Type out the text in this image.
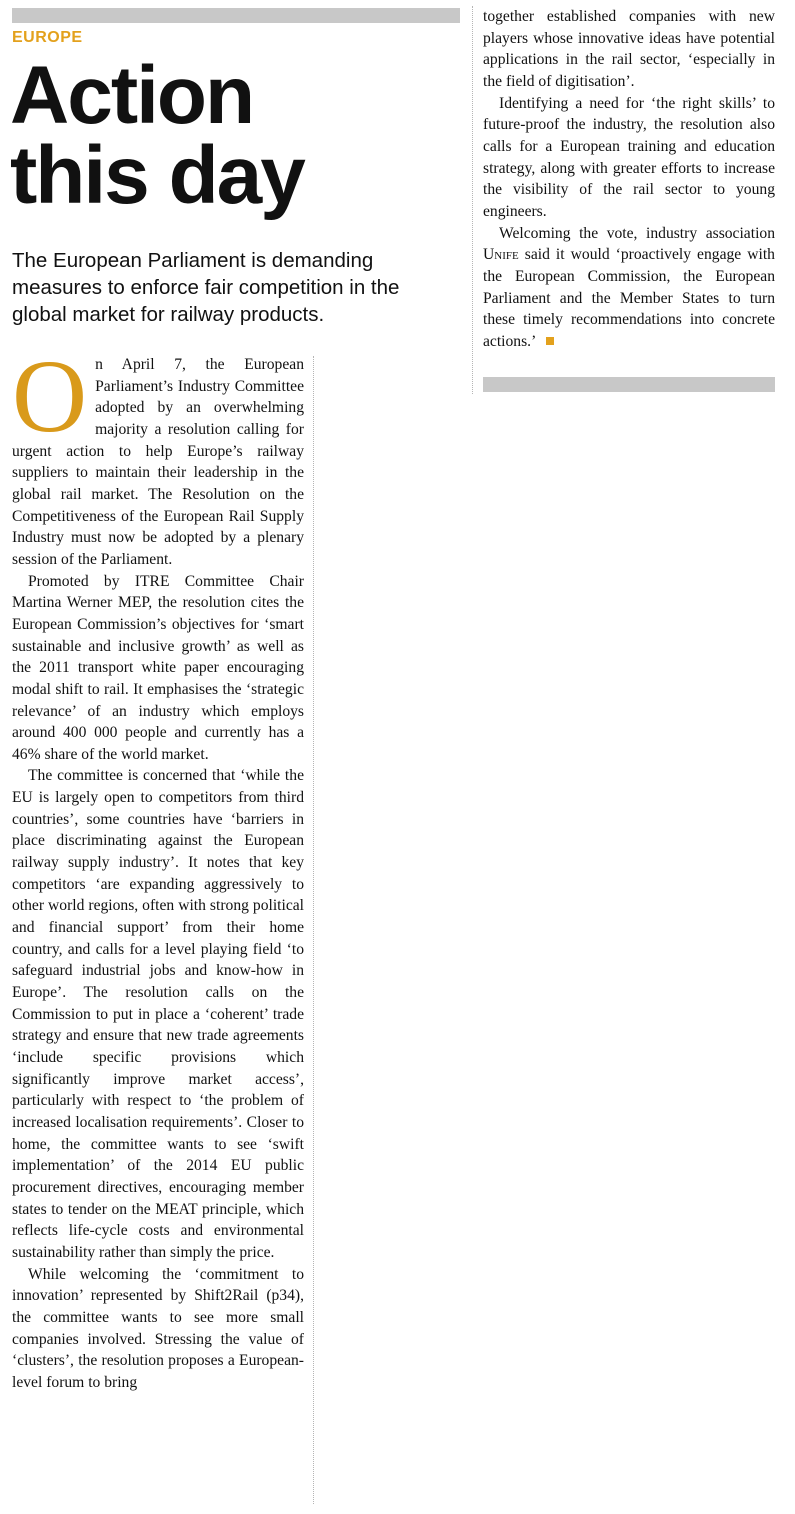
EUROPE
Action
this day

The European Parliament is demanding measures to enforce fair competition in the global market for railway products.

On April 7, the European Parliament’s Industry Committee adopted by an overwhelming majority a resolution calling for urgent action to help Europe’s railway suppliers to maintain their leadership in the global rail market. The Resolution on the Competitiveness of the European Rail Supply Industry must now be adopted by a plenary session of the Parliament.

Promoted by ITRE Committee Chair Martina Werner MEP, the resolution cites the European Commission’s objectives for ‘smart sustainable and inclusive growth’ as well as the 2011 transport white paper encouraging modal shift to rail. It emphasises the ‘strategic relevance’ of an industry which employs around 400 000 people and currently has a 46% share of the world market.

The committee is concerned that ‘while the EU is largely open to competitors from third countries’, some countries have ‘barriers in place discriminating against the European railway supply industry’. It notes that key competitors ‘are expanding aggressively to other world regions, often with strong political and financial support’ from their home country, and calls for a level playing field ‘to safeguard industrial jobs and know-how in Europe’. The resolution calls on the Commission to put in place a ‘coherent’ trade strategy and ensure that new trade agreements ‘include specific provisions which significantly improve market access’, particularly with respect to ‘the problem of increased localisation requirements’. Closer to home, the committee wants to see ‘swift implementation’ of the 2014 EU public procurement directives, encouraging member states to tender on the MEAT principle, which reflects life-cycle costs and environmental sustainability rather than simply the price.

While welcoming the ‘commitment to innovation’ represented by Shift2Rail (p34), the committee wants to see more small companies involved. Stressing the value of ‘clusters’, the resolution proposes a European-level forum to bring

together established companies with new players whose innovative ideas have potential applications in the rail sector, ‘especially in the field of digitisation’.

Identifying a need for ‘the right skills’ to future-proof the industry, the resolution also calls for a European training and education strategy, along with greater efforts to increase the visibility of the rail sector to young engineers.

Welcoming the vote, industry association Unife said it would ‘proactively engage with the European Commission, the European Parliament and the Member States to turn these timely recommendations into concrete actions.’
